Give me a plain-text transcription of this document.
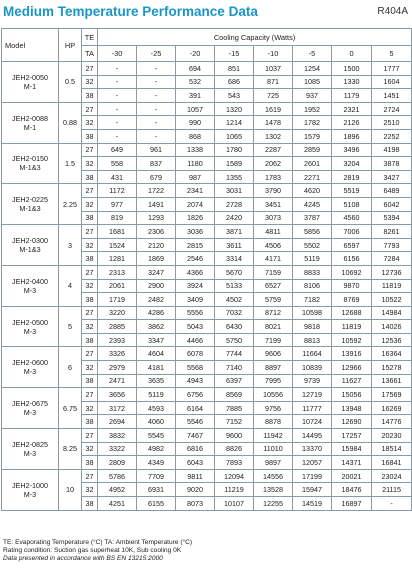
Medium Temperature Performance Data	R404A
Model	HP	TE	Cooling Capacity (Watts)							
		TA	-30	-25	-20	-15	-10	-5	0	5

JEH2-0050
M-1	0.5	27	-	-	694	851	1037	1254	1500	1777
		32	-	-	532	686	871	1085	1330	1604
		38	-	-	391	543	725	937	1179	1451

JEH2-0088
M-1	0.88	27	-	-	1057	1320	1619	1952	2321	2724
		32	-	-	990	1214	1478	1782	2126	2510
		38	-	-	868	1065	1302	1579	1896	2252

JEH2-0150
M-1&3	1.5	27	649	961	1338	1780	2287	2859	3496	4198
		32	558	837	1180	1589	2062	2601	3204	3878
		38	431	679	987	1355	1783	2271	2819	3427

JEH2-0225
M-1&3	2.25	27	1172	1722	2341	3031	3790	4620	5519	6489
		32	977	1491	2074	2728	3451	4245	5108	6042
		38	819	1293	1826	2420	3073	3787	4560	5394

JEH2-0300
M-1&3	3	27	1681	2306	3036	3871	4811	5856	7006	8261
		32	1524	2120	2815	3611	4506	5502	6597	7793
		38	1281	1869	2546	3314	4171	5119	6156	7284

JEH2-0400
M-3	4	27	2313	3247	4366	5670	7159	8833	10692	12736
		32	2061	2900	3924	5133	6527	8106	9870	11819
		38	1719	2482	3409	4502	5759	7182	8769	10522

JEH2-0500
M-3	5	27	3220	4286	5556	7032	8712	10598	12688	14984
		32	2885	3862	5043	6430	8021	9818	11819	14026
		38	2393	3347	4466	5750	7199	8813	10592	12536

JEH2-0600
M-3	6	27	3326	4604	6078	7744	9606	11664	13916	16364
		32	2979	4181	5568	7140	8897	10839	12966	15278
		38	2471	3635	4943	6397	7995	9739	11627	13661

JEH2-0675
M-3	6.75	27	3656	5119	6756	8569	10556	12719	15056	17569
		32	3172	4593	6164	7885	9756	11777	13948	16269
		38	2694	4060	5546	7152	8878	10724	12690	14776

JEH2-0825
M-3	8.25	27	3832	5545	7467	9600	11942	14495	17257	20230
		32	3322	4982	6816	8826	11010	13370	15984	18514
		38	2809	4349	6043	7893	9897	12057	14371	16841

JEH2-1000
M-3	10	27	5786	7709	9811	12094	14556	17199	20021	23024
		32	4952	6931	9020	11219	13528	15947	18476	21115
		38	4251	6155	8073	10107	12255	14519	16897	-
TE: Evaporating Temperature (°C) TA: Ambient Temperature (°C)
Rating condition: Suction gas superheat 10K, Sub cooling 0K
Data presented in accordance with BS EN 13215:2000
